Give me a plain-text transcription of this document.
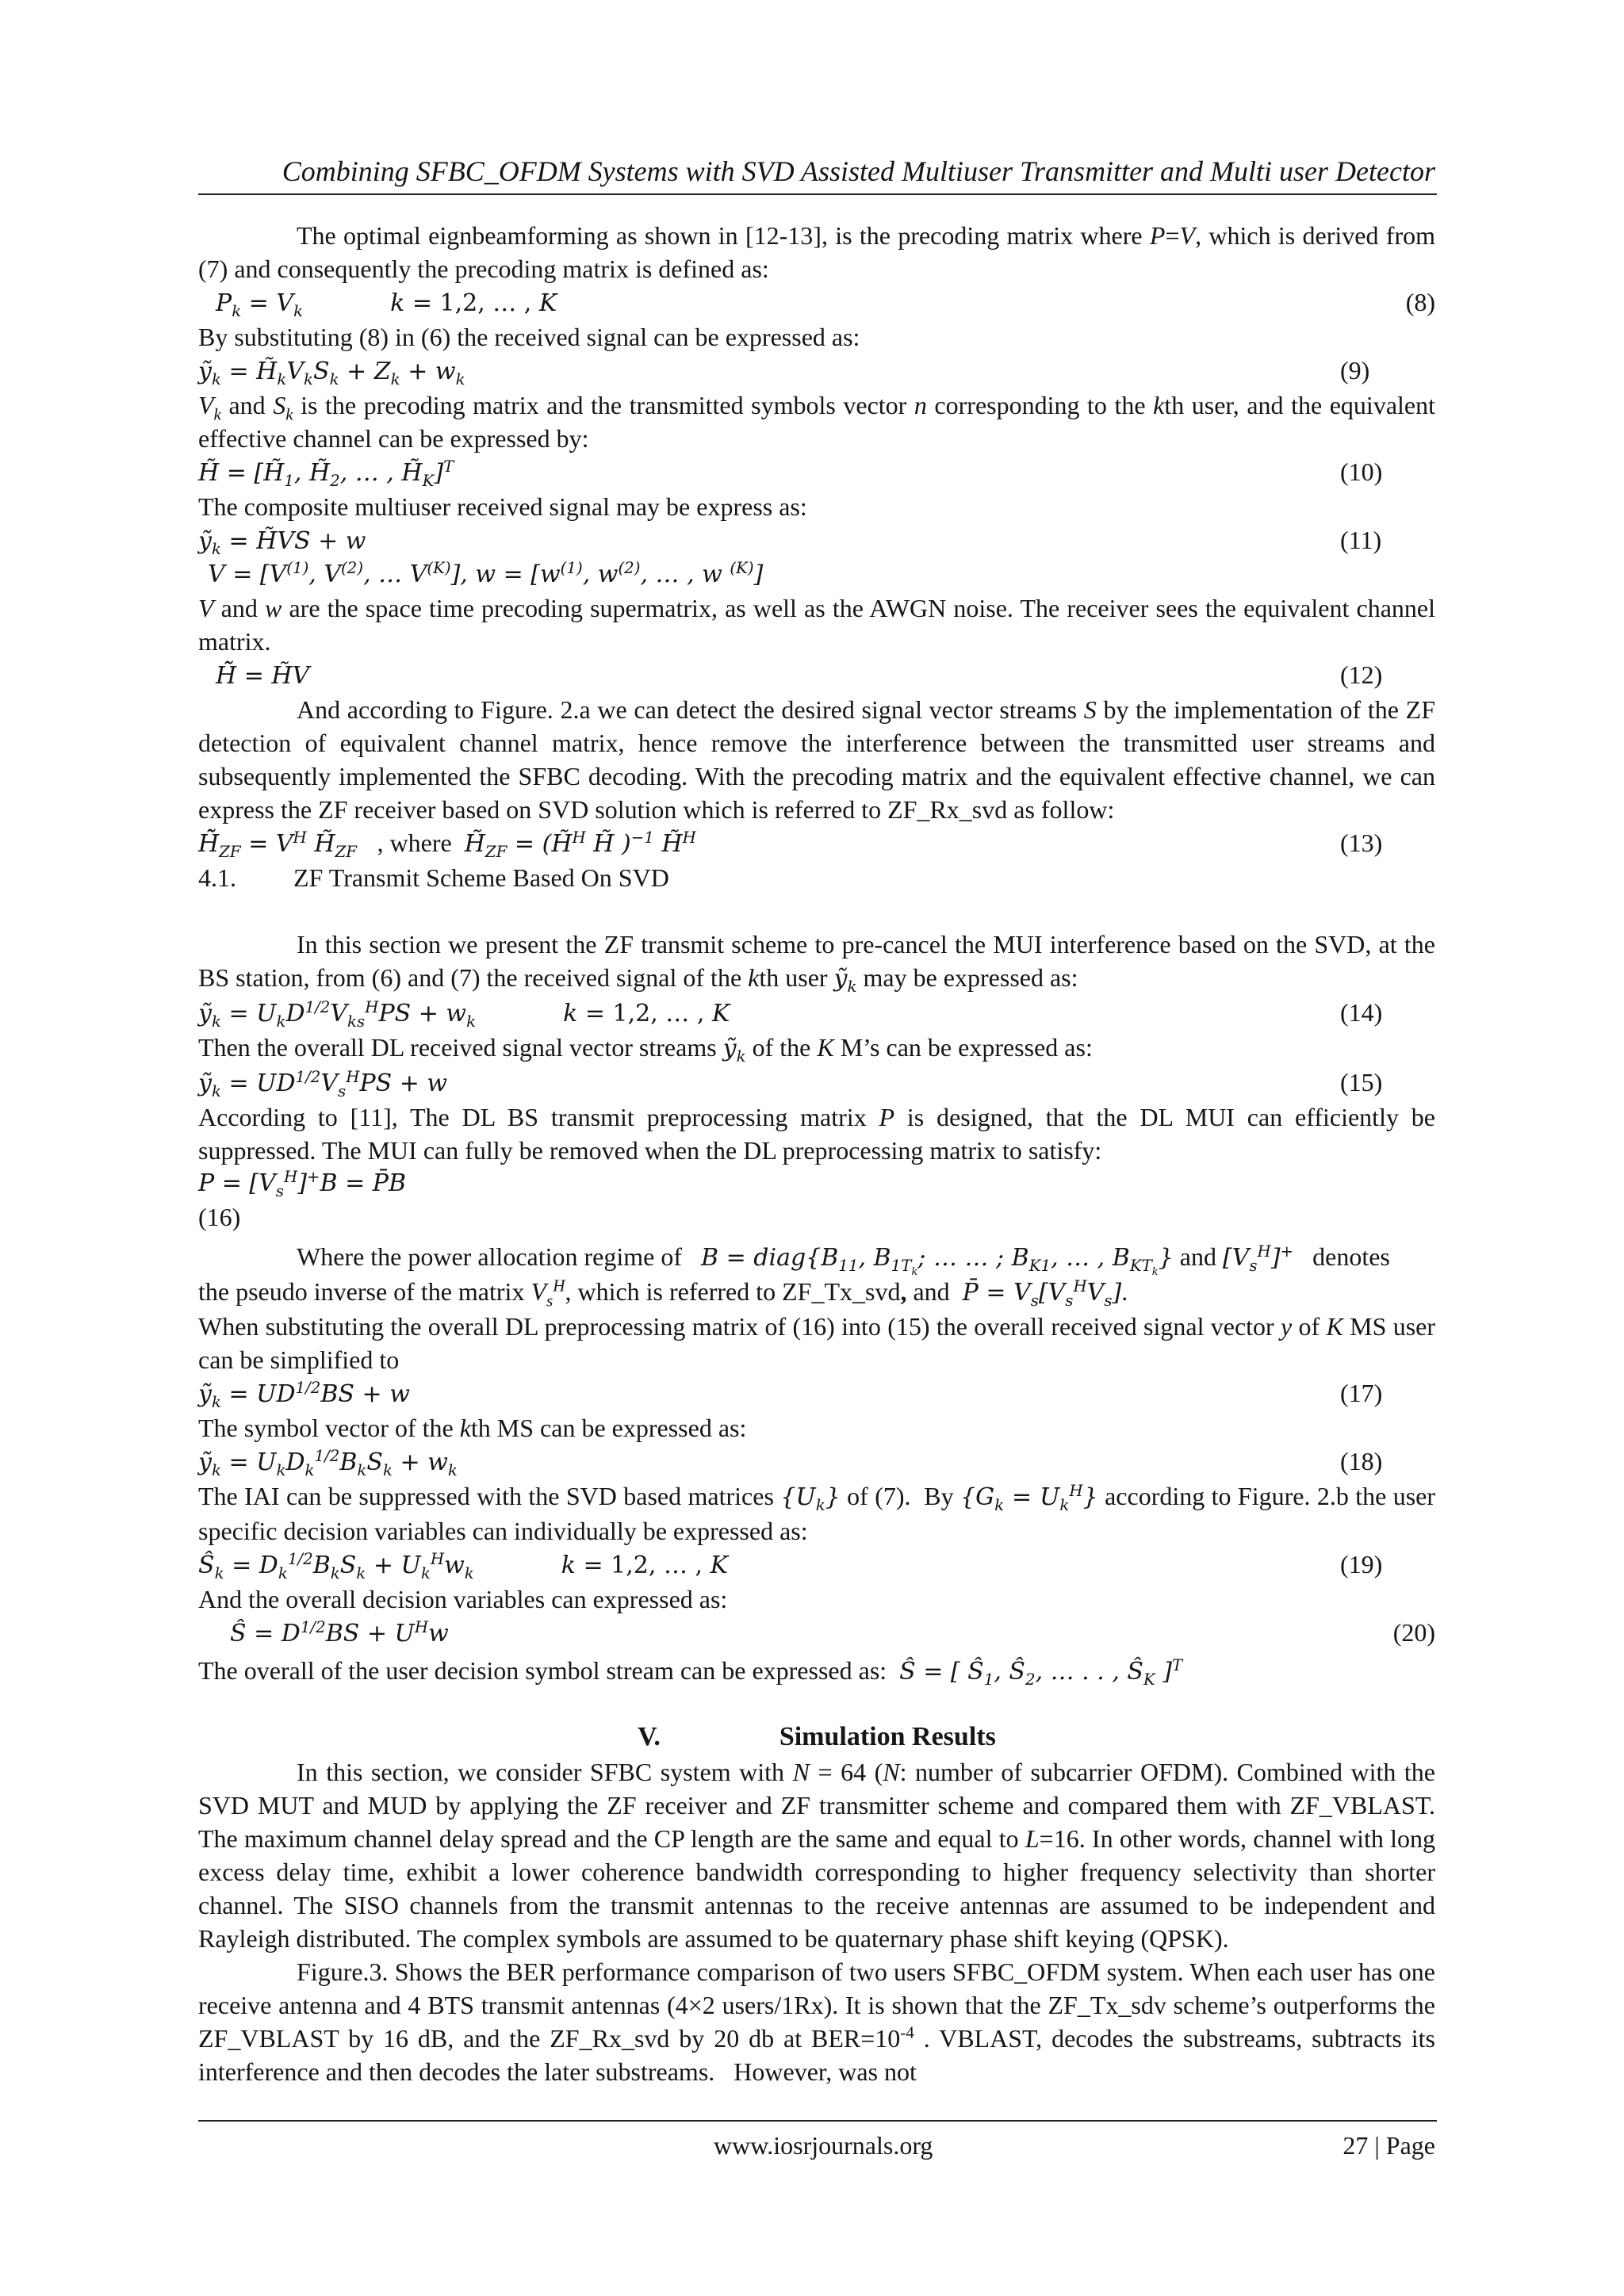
Combining SFBC_OFDM Systems with SVD Assisted Multiuser Transmitter and Multi user Detector

The optimal eignbeamforming as shown in [12-13], is the precoding matrix where P=V, which is derived from (7) and consequently the precoding matrix is defined as:

$P_k = V_k$	k = 1,2, … , K	(8)

By substituting (8) in (6) the received signal can be expressed as:

ỹ$_k$ = $H̃_kV_kS_k + Z_k + w_k$	(9)

$V_k$ and $S_k$ is the precoding matrix and the transmitted symbols vector n corresponding to the kth user, and the equivalent effective channel can be expressed by:

H̃ = [$H̃_1$, $H̃_2$, … , $H̃_K]^T$	(10)

The composite multiuser received signal may be express as:

ỹ$_k$ = H̃VS + w	(11)
$V = [V^{(1)}$, $V^{(2)}$, … $V^{(K)}$], $w = [w^{(1)}$, $w^{(2)}$, … , w $^{(K)}$]

V and w are the space time precoding supermatrix, as well as the AWGN noise. The receiver sees the equivalent channel matrix.

H̃̃ = H̃V	(12)

And according to Figure. 2.a we can detect the desired signal vector streams S by the implementation of the ZF detection of equivalent channel matrix, hence remove the interference between the transmitted user streams and subsequently implemented the SFBC decoding. With the precoding matrix and the equivalent effective channel, we can express the ZF receiver based on SVD solution which is referred to ZF_Rx_svd as follow:

$H̃̃_{ZF} = V^H$ $H̃_{ZF}$   , where  $H̃_{ZF}$ = (H̃$^H$ H̃ )$^{-1}$ H̃$^H$	(13)
4.1.	ZF Transmit Scheme Based On SVD

In this section we present the ZF transmit scheme to pre-cancel the MUI interference based on the SVD, at the BS station, from (6) and (7) the received signal of the kth user ỹ$_k$ may be expressed as:

ỹ$_k$ = $U_kD^{1/2}V_{ks}^HPS + w_k$	k = 1,2, … , K	(14)

Then the overall DL received signal vector streams ỹ$_k$ of the K M’s can be expressed as:

ỹ$_k$ = $UD^{1/2}V_s^HPS + w$	(15)

According to [11], The DL BS transmit preprocessing matrix P is designed, that the DL MUI can efficiently be suppressed. The MUI can fully be removed when the DL preprocessing matrix to satisfy:

$P = [V_s^H]^+B$ = P̄B
(16)

Where the power allocation regime of   $B = diag\{B_{11}$, $B_{1T_k}$; … … ; $B_{K1}$, … , $B_{KT_k}$} and $[V_s^H]^+$   denotes

the pseudo inverse of the matrix $V_s^H$, which is referred to ZF_Tx_svd, and  P̄ = $V_s[V_s^HV_s]$.

When substituting the overall DL preprocessing matrix of (16) into (15) the overall received signal vector y of K MS user can be simplified to

ỹ$_k$ = $UD^{1/2}BS + w$	(17)

The symbol vector of the kth MS can be expressed as:

ỹ$_k$ = $U_kD_k^{1/2}B_kS_k + w_k$	(18)

The IAI can be suppressed with the SVD based matrices $\{U_k\}$ of (7).  By $\{G_k = U_k^H\}$ according to Figure. 2.b the user specific decision variables can individually be expressed as:

$Ŝ_k = D_k^{1/2}B_kS_k + U_k^Hw_k$	k = 1,2, … , K	(19)

And the overall decision variables can expressed as:

Ŝ = $D^{1/2}BS + U^Hw$	(20)

The overall of the user decision symbol stream can be expressed as:  Ŝ = [ $Ŝ_1$, $Ŝ_2$, … . . , $Ŝ_K$ ]$^T$

V.	Simulation Results

In this section, we consider SFBC system with N = 64 (N: number of subcarrier OFDM). Combined with the SVD MUT and MUD by applying the ZF receiver and ZF transmitter scheme and compared them with ZF_VBLAST. The maximum channel delay spread and the CP length are the same and equal to L=16. In other words, channel with long excess delay time, exhibit a lower coherence bandwidth corresponding to higher frequency selectivity than shorter channel. The SISO channels from the transmit antennas to the receive antennas are assumed to be independent and Rayleigh distributed. The complex symbols are assumed to be quaternary phase shift keying (QPSK).

Figure.3. Shows the BER performance comparison of two users SFBC_OFDM system. When each user has one receive antenna and 4 BTS transmit antennas (4×2 users/1Rx). It is shown that the ZF_Tx_sdv scheme’s outperforms the ZF_VBLAST by 16 dB, and the ZF_Rx_svd by 20 db at $BER=10^{-4}$ . VBLAST, decodes the substreams, subtracts its interference and then decodes the later substreams.   However, was not

www.iosrjournals.org	27 | Page
